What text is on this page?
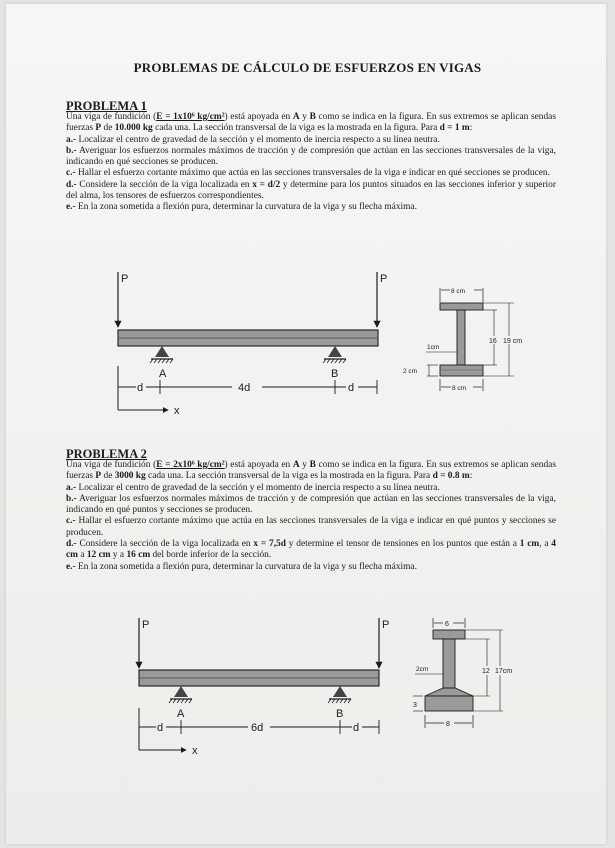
PROBLEMAS DE CÁLCULO DE ESFUERZOS EN VIGAS
PROBLEMA 1

Una viga de fundición (E = 1x10⁶ kg/cm²) está apoyada en A y B como se indica en la figura. En sus extremos se aplican sendas fuerzas P de 10.000 kg cada una. La sección transversal de la viga es la mostrada en la figura. Para d = 1 m:

a.- Localizar el centro de gravedad de la sección y el momento de inercia respecto a su línea neutra.

b.- Averiguar los esfuerzos normales máximos de tracción y de compresión que actúan en las secciones transversales de la viga, indicando en qué secciones se producen.

c.- Hallar el esfuerzo cortante máximo que actúa en las secciones transversales de la viga e indicar en qué secciones se producen.

d.- Considere la sección de la viga localizada en x = d/2 y determine para los puntos situados en las secciones inferior y superior del alma, los tensores de esfuerzos correspondientes.

e.- En la zona sometida a flexión pura, determinar la curvatura de la viga y su flecha máxima.

P	P
A	B
d	4d	d
x
8 cm
8 cm
1cm
2 cm
16 19 cm
PROBLEMA 2

Una viga de fundición (E = 2x10⁶ kg/cm²) está apoyada en A y B como se indica en la figura. En sus extremos se aplican sendas fuerzas P de 3000 kg cada una. La sección transversal de la viga es la mostrada en la figura. Para d = 0.8 m:

a.- Localizar el centro de gravedad de la sección y el momento de inercia respecto a su línea neutra.

b.- Averiguar los esfuerzos normales máximos de tracción y de compresión que actúan en las secciones transversales de la viga, indicando en qué puntos y secciones se producen.

c.- Hallar el esfuerzo cortante máximo que actúa en las secciones transversales de la viga e indicar en qué puntos y secciones se producen.

d.- Considere la sección de la viga localizada en x = 7,5d y determine el tensor de tensiones en los puntos que están a 1 cm, a 4 cm a 12 cm y a 16 cm del borde inferior de la sección.

e.- En la zona sometida a flexión pura, determinar la curvatura de la viga y su flecha máxima.

P	P
A	B
d	6d	d
x
6
8
2cm
3
12 17cm
